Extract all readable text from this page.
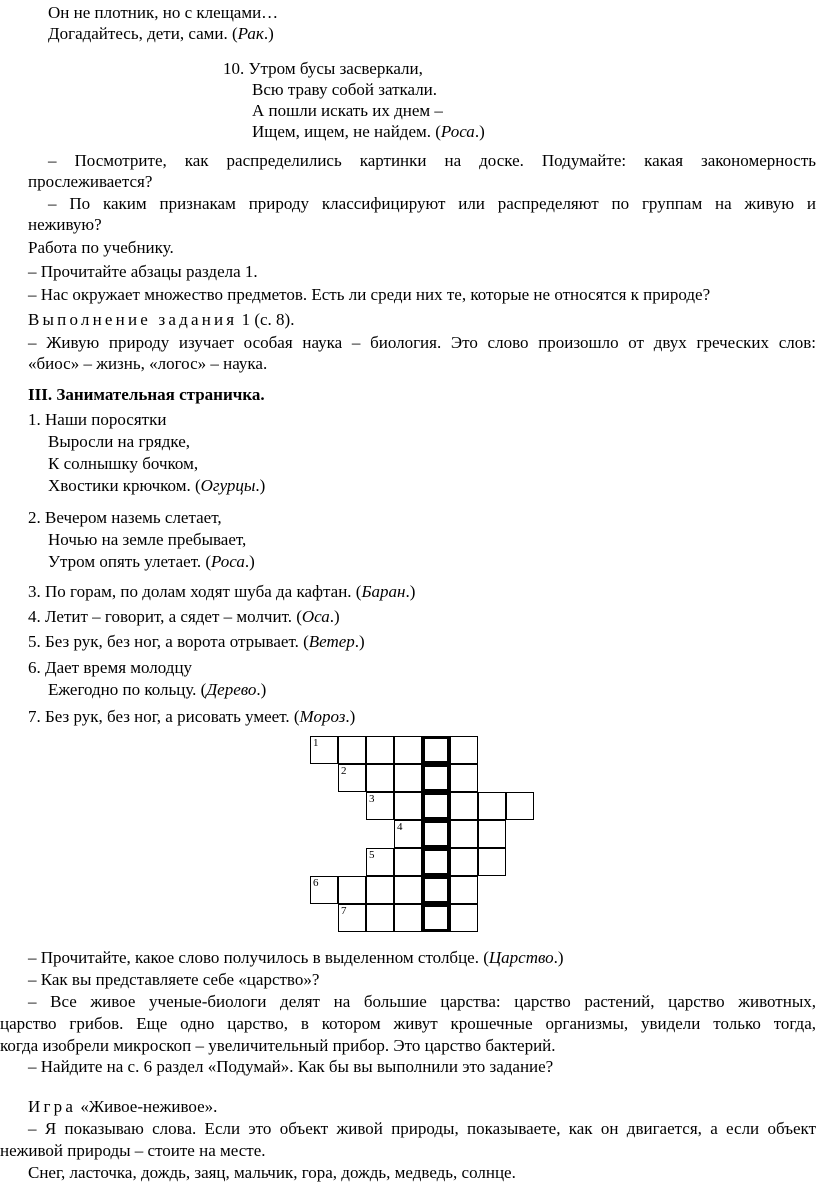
Он не плотник, но с клещами…
Догадайтесь, дети, сами. (Рак.)
10. Утром бусы засверкали,
Всю траву собой заткали.
А пошли искать их днем –
Ищем, ищем, не найдем. (Роса.)
– Посмотрите, как распределились картинки на доске. Подумайте: какая закономерность
прослеживается?
– По каким признакам природу классифицируют или распределяют по группам на живую и
неживую?
Работа по учебнику.
– Прочитайте абзацы раздела 1.
– Нас окружает множество предметов. Есть ли среди них те, которые не относятся к природе?
Выполнение задания 1 (с. 8).
– Живую природу изучает особая наука – биология. Это слово произошло от двух греческих слов:
«биос» – жизнь, «логос» – наука.
III. Занимательная страничка.
1. Наши поросятки
Выросли на грядке,
К солнышку бочком,
Хвостики крючком. (Огурцы.)
2. Вечером наземь слетает,
Ночью на земле пребывает,
Утром опять улетает. (Роса.)
3. По горам, по долам ходят шуба да кафтан. (Баран.)
4. Летит – говорит, а сядет – молчит. (Оса.)
5. Без рук, без ног, а ворота отрывает. (Ветер.)
6. Дает время молодцу
Ежегодно по кольцу. (Дерево.)
7. Без рук, без ног, а рисовать умеет. (Мороз.)
– Прочитайте, какое слово получилось в выделенном столбце. (Царство.)
– Как вы представляете себе «царство»?
– Все живое ученые-биологи делят на большие царства: царство растений, царство животных,
царство грибов. Еще одно царство, в котором живут крошечные организмы, увидели только тогда,
когда изобрели микроскоп – увеличительный прибор. Это царство бактерий.
– Найдите на с. 6 раздел «Подумай». Как бы вы выполнили это задание?
Игра «Живое-неживое».
– Я показываю слова. Если это объект живой природы, показываете, как он двигается, а если объект
неживой природы – стоите на месте.
Снег, ласточка, дождь, заяц, мальчик, гора, дождь, медведь, солнце.
1
2
3
4
5
6
7
